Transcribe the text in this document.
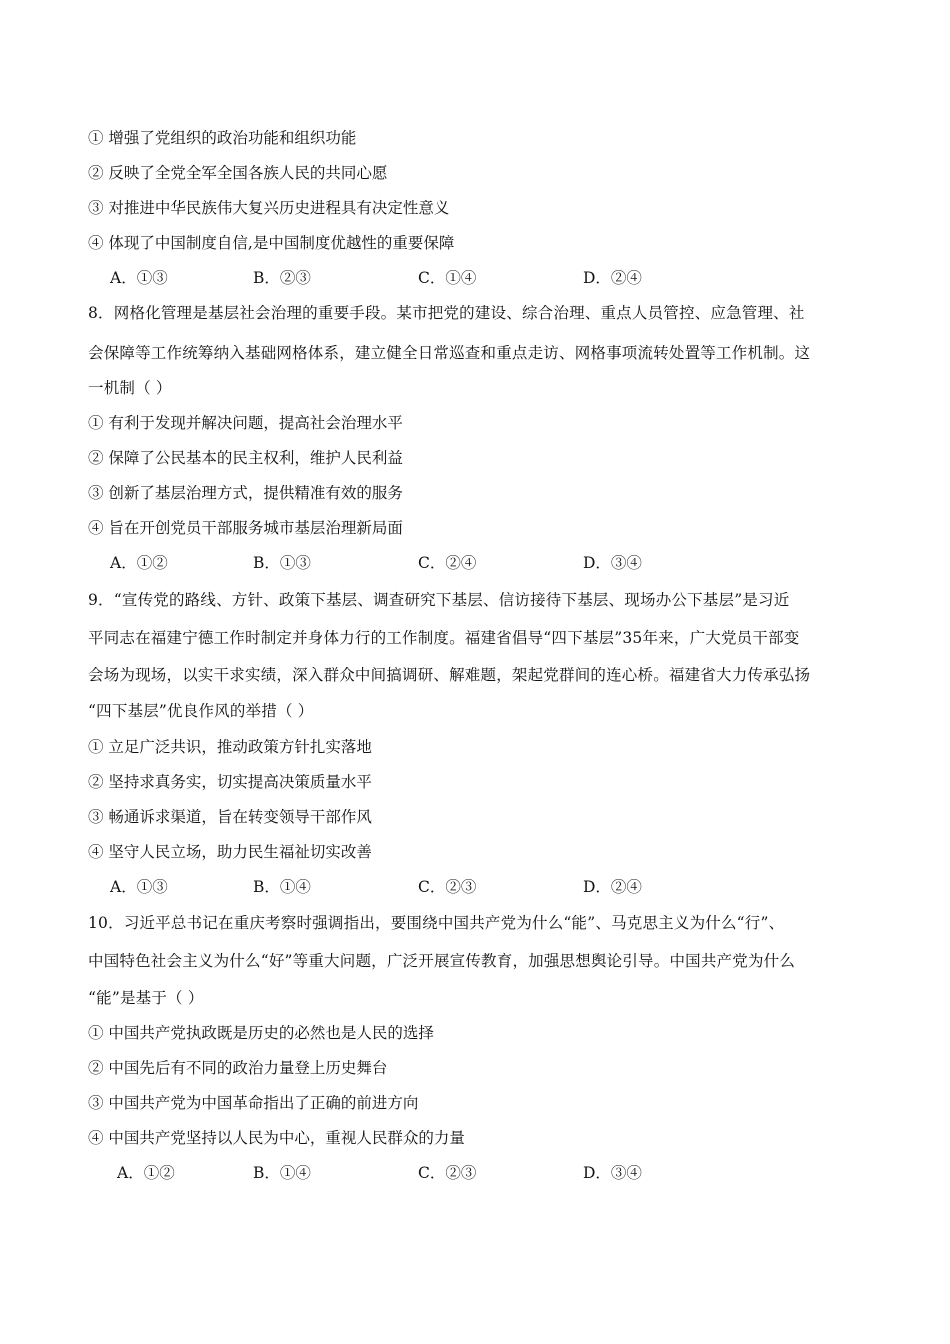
① 增强了党组织的政治功能和组织功能
② 反映了全党全军全国各族人民的共同心愿
③ 对推进中华民族伟大复兴历史进程具有决定性意义
④ 体现了中国制度自信,是中国制度优越性的重要保障
A．①③	B．②③	C．①④	D．②④
8．网格化管理是基层社会治理的重要手段。某市把党的建设、综合治理、重点人员管控、应急管理、社
会保障等工作统筹纳入基础网格体系，建立健全日常巡查和重点走访、网格事项流转处置等工作机制。这
一机制（ ）
① 有利于发现并解决问题，提高社会治理水平
② 保障了公民基本的民主权利，维护人民利益
③ 创新了基层治理方式，提供精准有效的服务
④ 旨在开创党员干部服务城市基层治理新局面
A．①②	B．①③	C．②④	D．③④
9．“宣传党的路线、方针、政策下基层、调查研究下基层、信访接待下基层、现场办公下基层”是习近
平同志在福建宁德工作时制定并身体力行的工作制度。福建省倡导“四下基层”35年来，广大党员干部变
会场为现场，以实干求实绩，深入群众中间搞调研、解难题，架起党群间的连心桥。福建省大力传承弘扬
“四下基层”优良作风的举措（ ）
① 立足广泛共识，推动政策方针扎实落地
② 坚持求真务实，切实提高决策质量水平
③ 畅通诉求渠道，旨在转变领导干部作风
④ 坚守人民立场，助力民生福祉切实改善
A．①③	B．①④	C．②③	D．②④
10．习近平总书记在重庆考察时强调指出，要围绕中国共产党为什么“能”、马克思主义为什么“行”、
中国特色社会主义为什么“好”等重大问题，广泛开展宣传教育，加强思想舆论引导。中国共产党为什么
“能”是基于（ ）
① 中国共产党执政既是历史的必然也是人民的选择
② 中国先后有不同的政治力量登上历史舞台
③ 中国共产党为中国革命指出了正确的前进方向
④ 中国共产党坚持以人民为中心，重视人民群众的力量
A．①②	B．①④	C．②③	D．③④
